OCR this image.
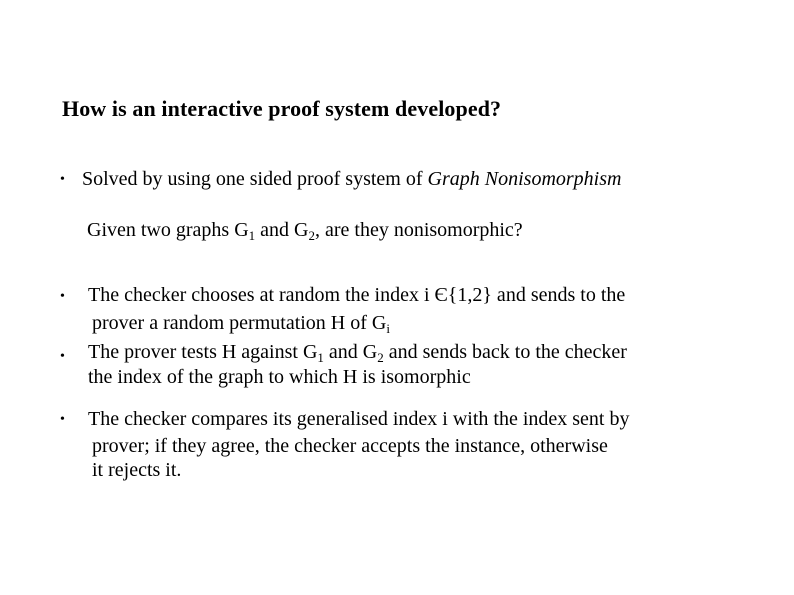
How is an interactive proof system developed?
• Solved by using one sided proof system of Graph Nonisomorphism
Given two graphs $G_1$ and $G_2$, are they nonisomorphic?
• The checker chooses at random the index i Є{1,2} and sends to the
prover a random permutation H of $G_i$
• The prover tests H against $G_1$ and $G_2$ and sends back to the checker
the index of the graph to which H is isomorphic
• The checker compares its generalised index i with the index sent by
prover; if they agree, the checker accepts the instance, otherwise
it rejects it.
